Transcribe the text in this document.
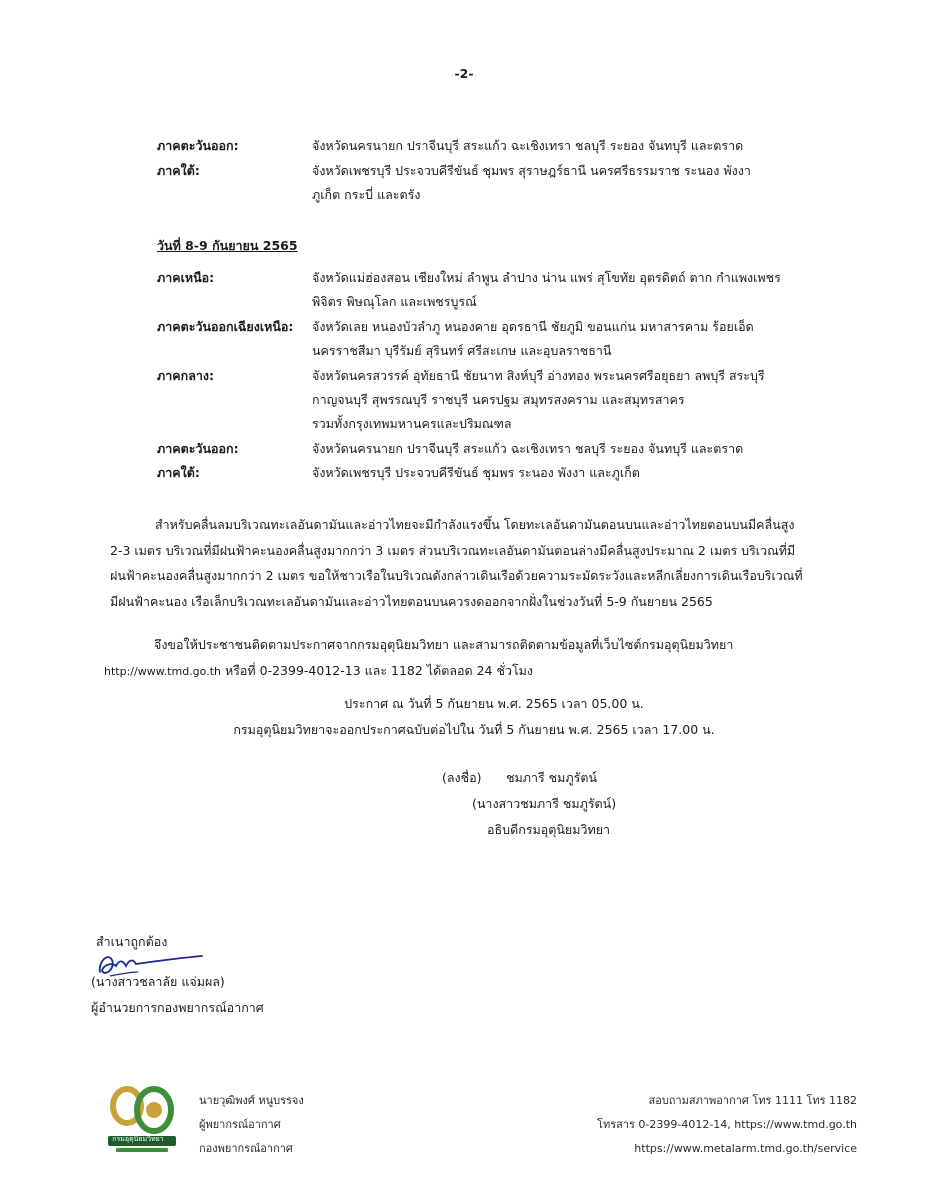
-2-
ภาคตะวันออก:	จังหวัดนครนายก ปราจีนบุรี สระแก้ว ฉะเชิงเทรา ชลบุรี ระยอง จันทบุรี และตราด
ภาคใต้:	จังหวัดเพชรบุรี ประจวบคีรีขันธ์ ชุมพร สุราษฎร์ธานี นครศรีธรรมราช ระนอง พังงา
ภูเก็ต กระบี่ และตรัง
วันที่ 8-9 กันยายน 2565
ภาคเหนือ:	จังหวัดแม่ฮ่องสอน เชียงใหม่ ลำพูน ลำปาง น่าน แพร่ สุโขทัย อุตรดิตถ์ ตาก กำแพงเพชร
พิจิตร พิษณุโลก และเพชรบูรณ์
ภาคตะวันออกเฉียงเหนือ: จังหวัดเลย หนองบัวลำภู หนองคาย อุดรธานี ชัยภูมิ ขอนแก่น มหาสารคาม ร้อยเอ็ด
นครราชสีมา บุรีรัมย์ สุรินทร์ ศรีสะเกษ และอุบลราชธานี
ภาคกลาง:	จังหวัดนครสวรรค์ อุทัยธานี ชัยนาท สิงห์บุรี อ่างทอง พระนครศรีอยุธยา ลพบุรี สระบุรี
กาญจนบุรี สุพรรณบุรี ราชบุรี นครปฐม สมุทรสงคราม และสมุทรสาคร
รวมทั้งกรุงเทพมหานครและปริมณฑล
ภาคตะวันออก:	จังหวัดนครนายก ปราจีนบุรี สระแก้ว ฉะเชิงเทรา ชลบุรี ระยอง จันทบุรี และตราด
ภาคใต้:	จังหวัดเพชรบุรี ประจวบคีรีขันธ์ ชุมพร ระนอง พังงา และภูเก็ต
สำหรับคลื่นลมบริเวณทะเลอันดามันและอ่าวไทยจะมีกำลังแรงขึ้น โดยทะเลอันดามันตอนบนและอ่าวไทยตอนบนมีคลื่นสูง
2-3 เมตร บริเวณที่มีฝนฟ้าคะนองคลื่นสูงมากกว่า 3 เมตร ส่วนบริเวณทะเลอันดามันตอนล่างมีคลื่นสูงประมาณ 2 เมตร บริเวณที่มี
ฝนฟ้าคะนองคลื่นสูงมากกว่า 2 เมตร ขอให้ชาวเรือในบริเวณดังกล่าวเดินเรือด้วยความระมัดระวังและหลีกเลี่ยงการเดินเรือบริเวณที่
มีฝนฟ้าคะนอง เรือเล็กบริเวณทะเลอันดามันและอ่าวไทยตอนบนควรงดออกจากฝั่งในช่วงวันที่ 5-9 กันยายน 2565
จึงขอให้ประชาชนติดตามประกาศจากกรมอุตุนิยมวิทยา และสามารถติดตามข้อมูลที่เว็บไซต์กรมอุตุนิยมวิทยา
http://www.tmd.go.th หรือที่ 0-2399-4012-13 และ 1182 ได้ตลอด 24 ชั่วโมง
ประกาศ ณ วันที่ 5 กันยายน พ.ศ. 2565 เวลา 05.00 น.
กรมอุตุนิยมวิทยาจะออกประกาศฉบับต่อไปใน วันที่ 5 กันยายน พ.ศ. 2565 เวลา 17.00 น.
(ลงชื่อ) ชมภารี ชมภูรัตน์
(นางสาวชมภารี ชมภูรัตน์)
อธิบดีกรมอุตุนิยมวิทยา
สำเนาถูกต้อง
(นางสาวชลาลัย แจ่มผล)
ผู้อำนวยการกองพยากรณ์อากาศ
กรมอุตุนิยมวิทยา
นายวุฒิพงศ์ หนูบรรจง
ผู้พยากรณ์อากาศ
กองพยากรณ์อากาศ
สอบถามสภาพอากาศ โทร 1111 โทร 1182
โทรสาร 0-2399-4012-14, https://www.tmd.go.th
https://www.metalarm.tmd.go.th/service
